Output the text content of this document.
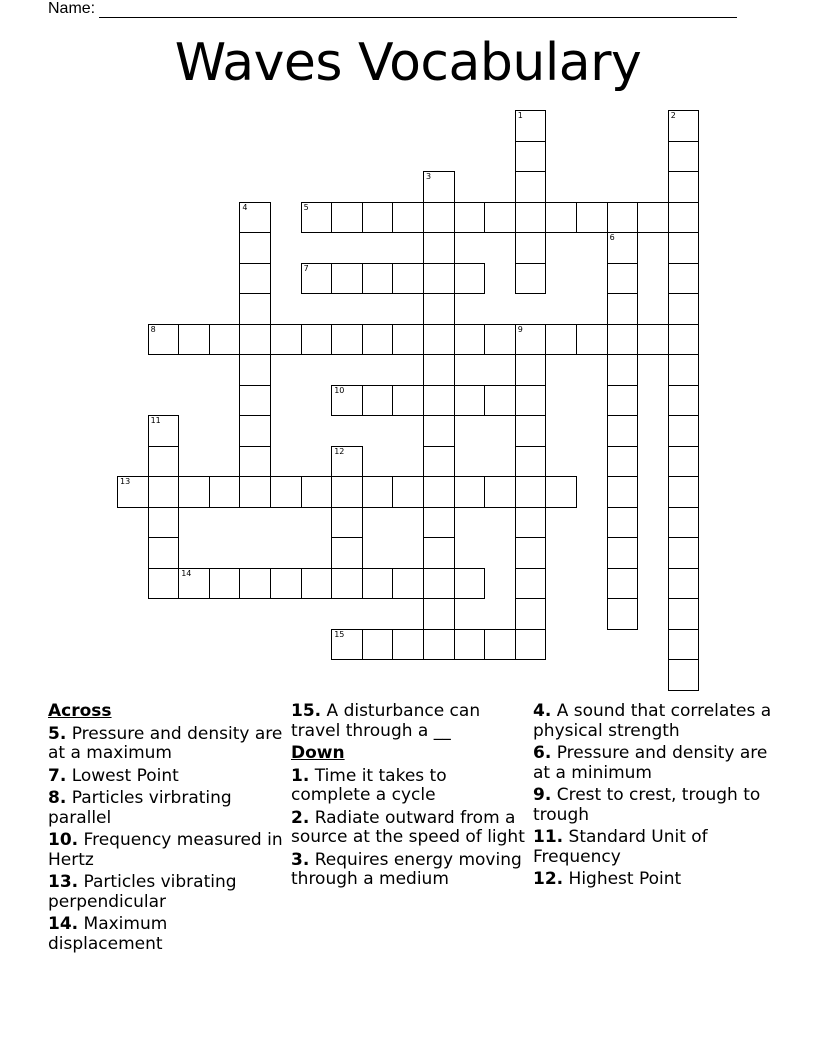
Name:
Waves Vocabulary
1	2
3
4	5
6
7
8	9
10
11
12
13
14
15
Across
5. Pressure and density are at a maximum
7. Lowest Point
8. Particles virbrating parallel
10. Frequency measured in Hertz
13. Particles vibrating perpendicular
14. Maximum displacement
15. A disturbance can travel through a __
Down
1. Time it takes to complete a cycle
2. Radiate outward from a source at the speed of light
3. Requires energy moving through a medium
4. A sound that correlates a physical strength
6. Pressure and density are at a minimum
9. Crest to crest, trough to trough
11. Standard Unit of Frequency
12. Highest Point
